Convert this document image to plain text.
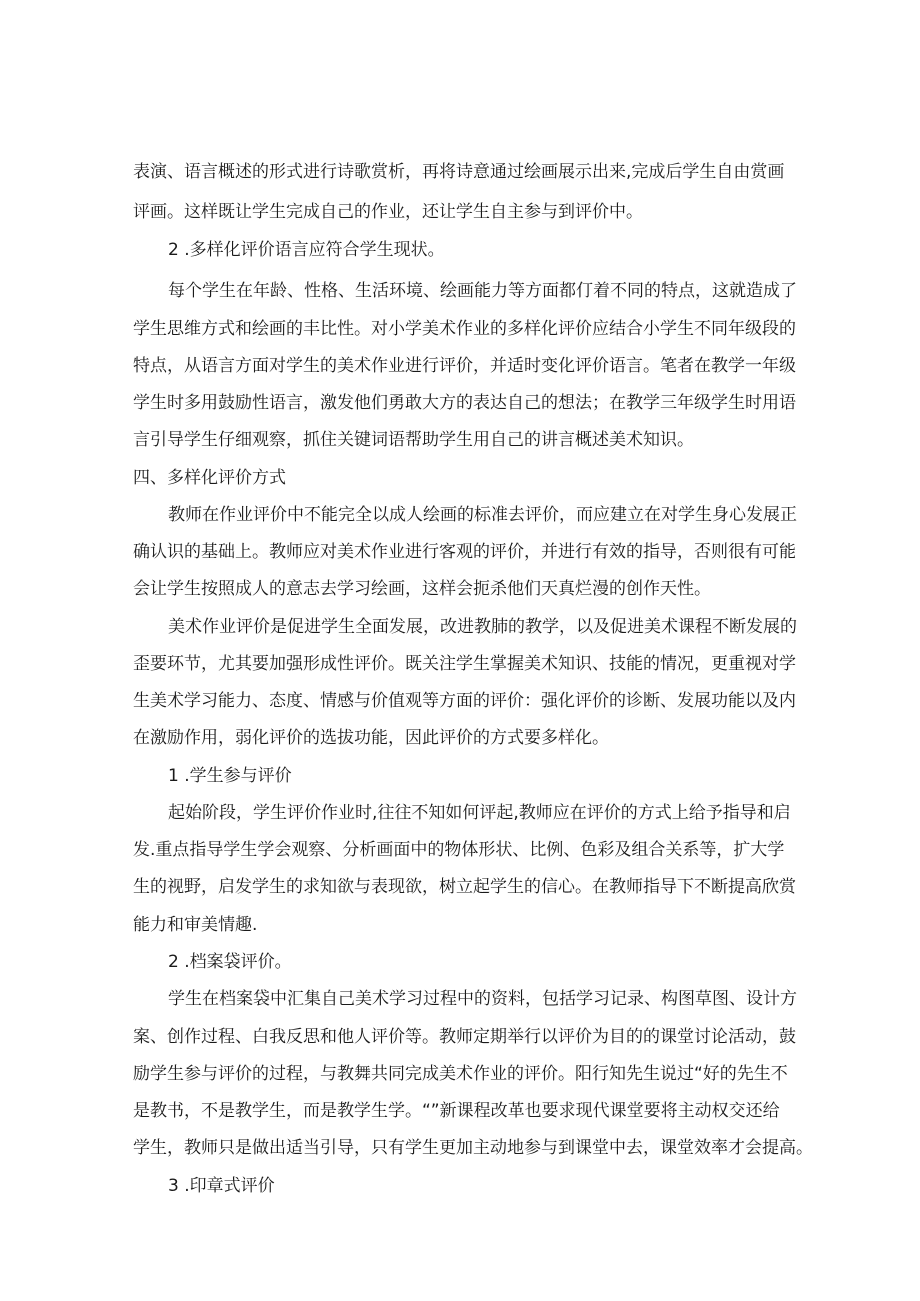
表演、语言概述的形式进行诗歌赏析，再将诗意通过绘画展示出来,完成后学生自由赏画
评画。这样既让学生完成自己的作业，还让学生自主参与到评价中。
2 .多样化评价语言应符合学生现状。
每个学生在年龄、性格、生活环境、绘画能力等方面都仃着不同的特点，这就造成了
学生思维方式和绘画的丰比性。对小学美术作业的多样化评价应结合小学生不同年级段的
特点，从语言方面对学生的美术作业进行评价，并适时变化评价语言。笔者在教学一年级
学生时多用鼓励性语言，激发他们勇敢大方的表达自己的想法；在教学三年级学生时用语
言引导学生仔细观察，抓住关键词语帮助学生用自己的讲言概述美术知识。
四、多样化评价方式
教师在作业评价中不能完全以成人绘画的标准去评价，而应建立在对学生身心发展正
确认识的基础上。教师应对美术作业进行客观的评价，并进行有效的指导，否则很有可能
会让学生按照成人的意志去学习绘画，这样会扼杀他们天真烂漫的创作天性。
美术作业评价是促进学生全面发展，改进教肺的教学，以及促进美术课程不断发展的
歪要环节，尤其要加强形成性评价。既关注学生掌握美术知识、技能的情况，更重视对学
生美术学习能力、态度、情感与价值观等方面的评价：强化评价的诊断、发展功能以及内
在激励作用，弱化评价的选拔功能，因此评价的方式要多样化。
1 .学生参与评价
起始阶段，学生评价作业时,往往不知如何评起,教师应在评价的方式上给予指导和启
发.重点指导学生学会观察、分析画面中的物体形状、比例、色彩及组合关系等，扩大学
生的视野，启发学生的求知欲与表现欲，树立起学生的信心。在教师指导下不断提高欣赏
能力和审美情趣.
2 .档案袋评价。
学生在档案袋中汇集自己美术学习过程中的资料，包括学习记录、构图草图、设计方
案、创作过程、白我反思和他人评价等。教师定期举行以评价为目的的课堂讨论活动，鼓
励学生参与评价的过程，与教舞共同完成美术作业的评价。阳行知先生说过“好的先生不
是教书，不是教学生，而是教学生学。“”新课程改革也要求现代课堂要将主动权交还给
学生，教师只是做出适当引导，只有学生更加主动地参与到课堂中去，课堂效率才会提高。
3 .印章式评价
